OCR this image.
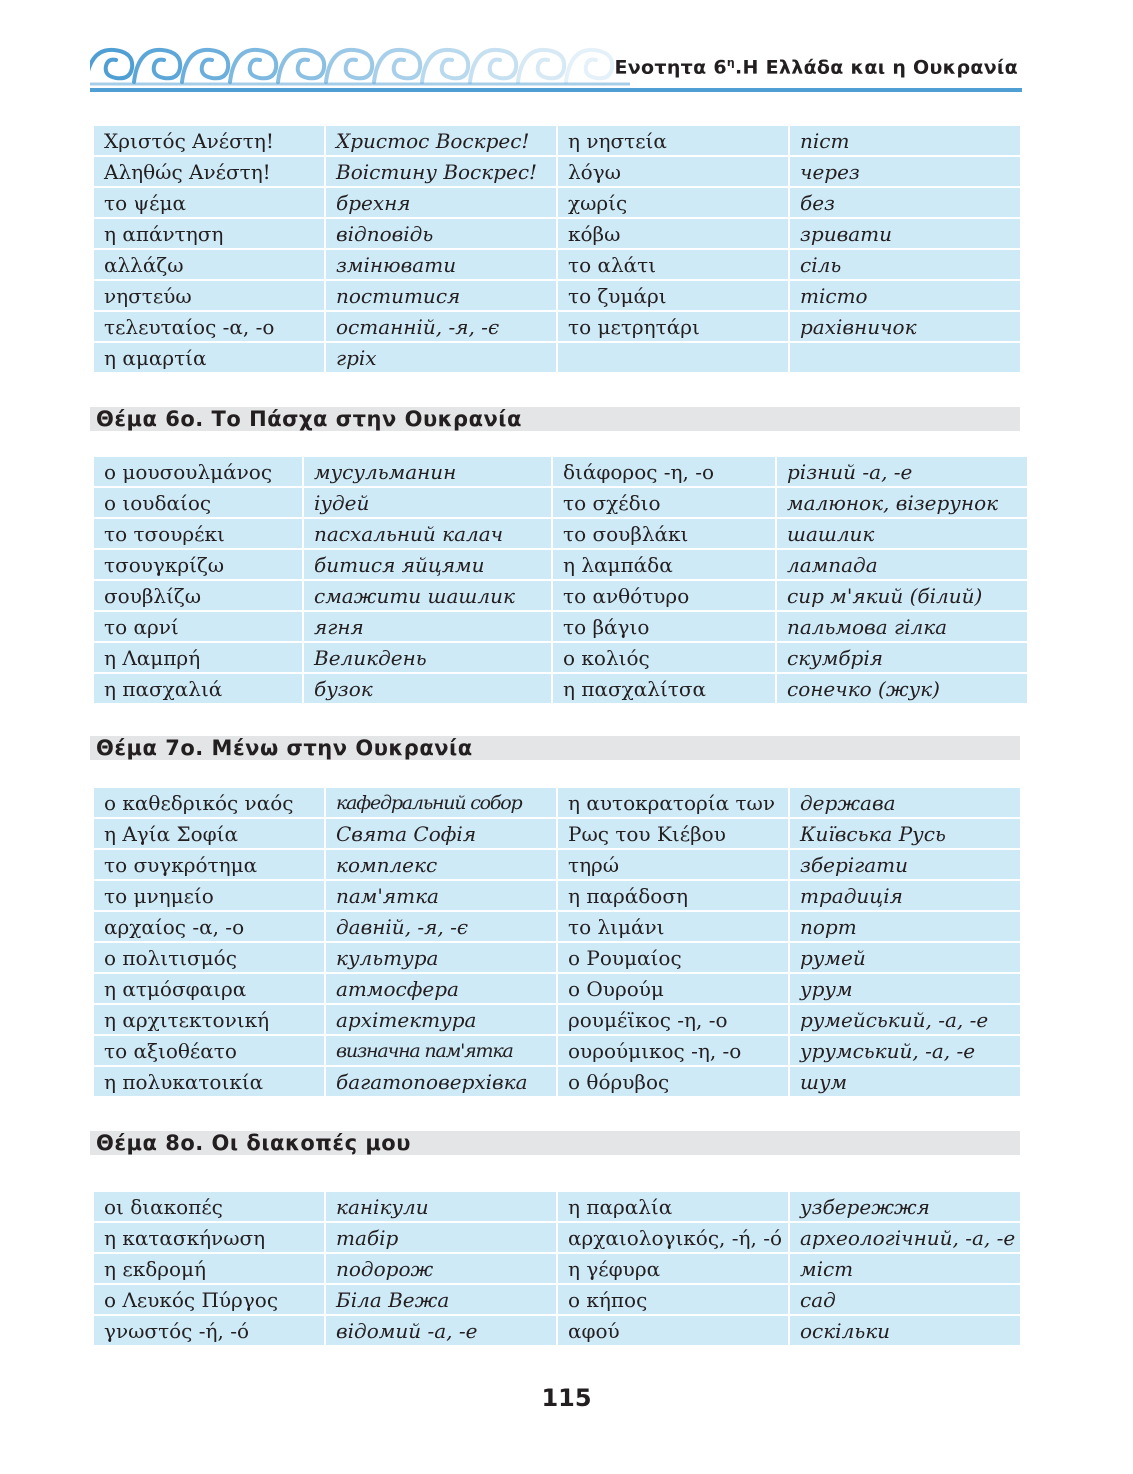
Ενοτητα $6^\eta.H$ Ελλάδα και η Ουκρανία
Χριστός Ανέστη!	Христос Воскрес!	η νηστεία	піст
Αληθώς Ανέστη!	Воістину Воскрес!	λόγω	через
το ψέμα	брехня	χωρίς	без
η απάντηση	відповідь	κόβω	зривати
αλλάζω	змінювати	το αλάτι	сіль
νηστεύω	поститися	το ζυμάρι	тісто
τελευταίος -α, -ο	останній, -я, -є	το μετρητάρι	рахівничок
η αμαρτία	гріх		
Θέμα 6ο. Το Πάσχα στην Ουκρανία
ο μουσουλμάνος	мусульманин	διάφορος -η, -ο	різний -а, -е
ο ιουδαίος	іудей	το σχέδιο	малюнок, візерунок
το τσουρέκι	пасхальний калач	το σουβλάκι	шашлик
τσουγκρίζω	битися яйцями	η λαμπάδα	лампада
σουβλίζω	смажити шашлик	το ανθότυρο	сир м'який (білий)
το αρνί	ягня	το βάγιο	пальмова гілка
η Λαμπρή	Великдень	ο κολιός	скумбрія
η πασχαλιά	бузок	η πασχαλίτσα	сонечко (жук)
Θέμα 7ο. Μένω στην Ουκρανία
ο καθεδρικός ναός	кафедральний собор	η αυτοκρατορία των	держава
η Αγία Σοφία	Свята Софія	Ρως του Κιέβου	Київська Русь
το συγκρότημα	комплекс	τηρώ	зберігати
το μνημείο	пам'ятка	η παράδοση	традиція
αρχαίος -α, -ο	давній, -я, -є	το λιμάνι	порт
ο πολιτισμός	культура	ο Ρουμαίος	румей
η ατμόσφαιρα	атмосфера	ο Ουρούμ	урум
η αρχιτεκτονική	архітектура	ρουμέϊκος -η, -ο	румейський, -а, -е
το αξιοθέατο	визначна пам'ятка	ουρούμικος -η, -ο	урумський, -а, -е
η πολυκατοικία	багатоповерхівка	ο θόρυβος	шум
Θέμα 8ο. Οι διακοπές μου
οι διακοπές	канікули	η παραλία	узбережжя
η κατασκήνωση	табір	αρχαιολογικός, -ή, -ό	археологічний, -а, -е
η εκδρομή	подорож	η γέφυρα	міст
ο Λευκός Πύργος	Біла Вежа	ο κήπος	сад
γνωστός -ή, -ό	відомий -а, -е	αφού	оскільки
115
